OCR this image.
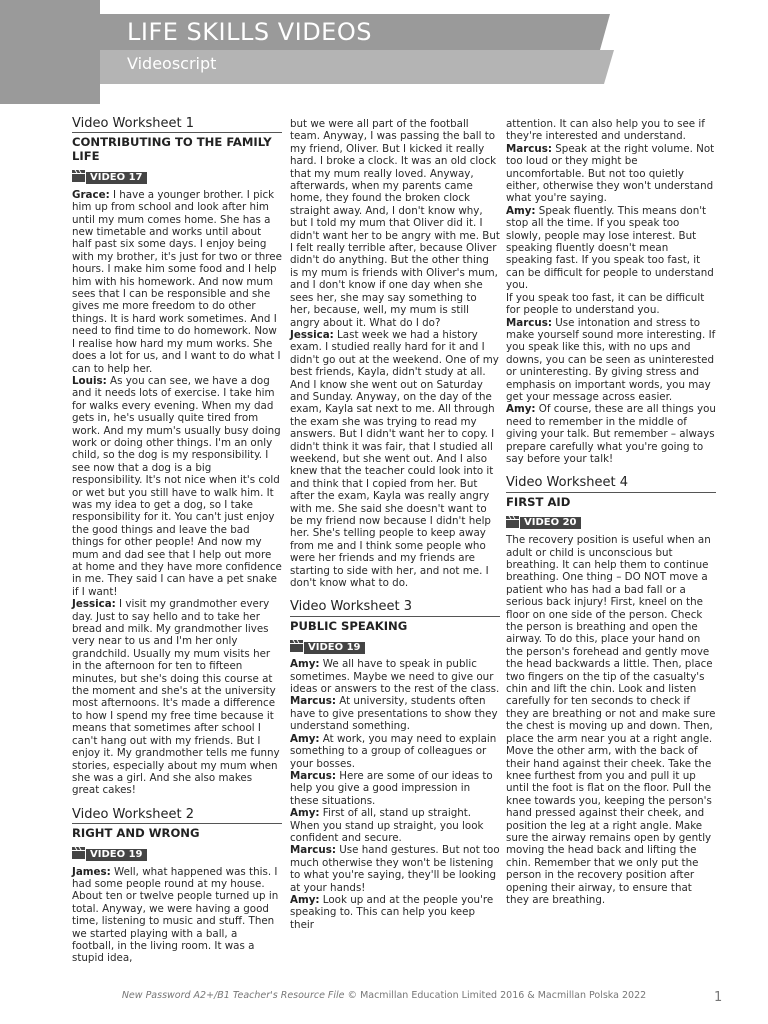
LIFE SKILLS VIDEOS
Videoscript
Video Worksheet 1
CONTRIBUTING TO THE FAMILY LIFE
VIDEO 17

Grace: I have a younger brother. I pick him up from school and look after him until my mum comes home. She has a new timetable and works until about half past six some days. I enjoy being with my brother, it's just for two or three hours. I make him some food and I help him with his homework. And now mum sees that I can be responsible and she gives me more freedom to do other things. It is hard work sometimes. And I need to find time to do homework. Now I realise how hard my mum works. She does a lot for us, and I want to do what I can to help her.

Louis: As you can see, we have a dog and it needs lots of exercise. I take him for walks every evening. When my dad gets in, he's usually quite tired from work. And my mum's usually busy doing work or doing other things. I'm an only child, so the dog is my responsibility. I see now that a dog is a big responsibility. It's not nice when it's cold or wet but you still have to walk him. It was my idea to get a dog, so I take responsibility for it. You can't just enjoy the good things and leave the bad things for other people! And now my mum and dad see that I help out more at home and they have more confidence in me. They said I can have a pet snake if I want!

Jessica: I visit my grandmother every day. Just to say hello and to take her bread and milk. My grandmother lives very near to us and I'm her only grandchild. Usually my mum visits her in the afternoon for ten to fifteen minutes, but she's doing this course at the moment and she's at the university most afternoons. It's made a difference to how I spend my free time because it means that sometimes after school I can't hang out with my friends. But I enjoy it. My grandmother tells me funny stories, especially about my mum when she was a girl. And she also makes great cakes!

Video Worksheet 2
RIGHT AND WRONG
VIDEO 19

James: Well, what happened was this. I had some people round at my house. About ten or twelve people turned up in total. Anyway, we were having a good time, listening to music and stuff. Then we started playing with a ball, a football, in the living room. It was a stupid idea,

but we were all part of the football team. Anyway, I was passing the ball to my friend, Oliver. But I kicked it really hard. I broke a clock. It was an old clock that my mum really loved. Anyway, afterwards, when my parents came home, they found the broken clock straight away. And, I don't know why, but I told my mum that Oliver did it. I didn't want her to be angry with me. But I felt really terrible after, because Oliver didn't do anything. But the other thing is my mum is friends with Oliver's mum, and I don't know if one day when she sees her, she may say something to her, because, well, my mum is still angry about it. What do I do?

Jessica: Last week we had a history exam. I studied really hard for it and I didn't go out at the weekend. One of my best friends, Kayla, didn't study at all. And I know she went out on Saturday and Sunday. Anyway, on the day of the exam, Kayla sat next to me. All through the exam she was trying to read my answers. But I didn't want her to copy. I didn't think it was fair, that I studied all weekend, but she went out. And I also knew that the teacher could look into it and think that I copied from her. But after the exam, Kayla was really angry with me. She said she doesn't want to be my friend now because I didn't help her. She's telling people to keep away from me and I think some people who were her friends and my friends are starting to side with her, and not me. I don't know what to do.

Video Worksheet 3
PUBLIC SPEAKING
VIDEO 19

Amy: We all have to speak in public sometimes. Maybe we need to give our ideas or answers to the rest of the class.

Marcus: At university, students often have to give presentations to show they understand something.

Amy: At work, you may need to explain something to a group of colleagues or your bosses.

Marcus: Here are some of our ideas to help you give a good impression in these situations.

Amy: First of all, stand up straight. When you stand up straight, you look confident and secure.

Marcus: Use hand gestures. But not too much otherwise they won't be listening to what you're saying, they'll be looking at your hands!

Amy: Look up and at the people you're speaking to. This can help you keep their

attention. It can also help you to see if they're interested and understand.

Marcus: Speak at the right volume. Not too loud or they might be uncomfortable. But not too quietly either, otherwise they won't understand what you're saying.

Amy: Speak fluently. This means don't stop all the time. If you speak too slowly, people may lose interest. But speaking fluently doesn't mean speaking fast. If you speak too fast, it can be difficult for people to understand you.

If you speak too fast, it can be difficult for people to understand you.

Marcus: Use intonation and stress to make yourself sound more interesting. If you speak like this, with no ups and downs, you can be seen as uninterested or uninteresting. By giving stress and emphasis on important words, you may get your message across easier.

Amy: Of course, these are all things you need to remember in the middle of giving your talk. But remember – always prepare carefully what you're going to say before your talk!

Video Worksheet 4
FIRST AID
VIDEO 20

The recovery position is useful when an adult or child is unconscious but breathing. It can help them to continue breathing. One thing – DO NOT move a patient who has had a bad fall or a serious back injury! First, kneel on the floor on one side of the person. Check the person is breathing and open the airway. To do this, place your hand on the person's forehead and gently move the head backwards a little. Then, place two fingers on the tip of the casualty's chin and lift the chin. Look and listen carefully for ten seconds to check if they are breathing or not and make sure the chest is moving up and down. Then, place the arm near you at a right angle. Move the other arm, with the back of their hand against their cheek. Take the knee furthest from you and pull it up until the foot is flat on the floor. Pull the knee towards you, keeping the person's hand pressed against their cheek, and position the leg at a right angle. Make sure the airway remains open by gently moving the head back and lifting the chin. Remember that we only put the person in the recovery position after opening their airway, to ensure that they are breathing.

New Password A2+/B1 Teacher's Resource File © Macmillan Education Limited 2016 & Macmillan Polska 2022	1
